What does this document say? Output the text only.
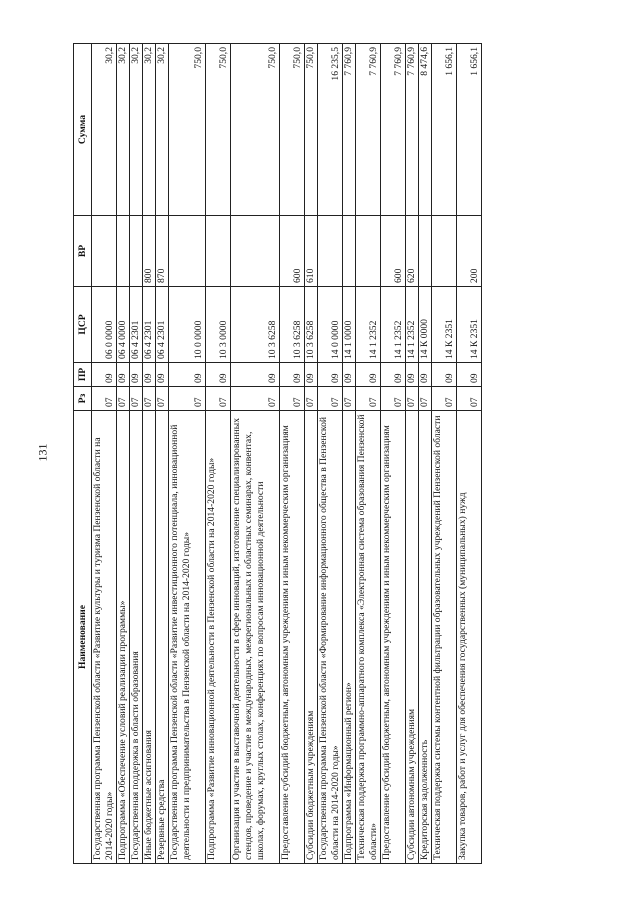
131
Наименование	Рз	ПР	ЦСР	ВР	Сумма
Государственная программа Пензенской области «Развитие культуры и туризма Пензенской области на 2014-2020 годы»	07	09	06 0 0000		30,2
Подпрограмма «Обеспечение условий реализации программы»	07	09	06 4 0000		30,2
Государственная поддержка в области образования	07	09	06 4 2301		30,2
Иные бюджетные ассигнования	07	09	06 4 2301	800	30,2
Резервные средства	07	09	06 4 2301	870	30,2
Государственная программа Пензенской области «Развитие инвестиционного потенциала, инновационной деятельности и предпринимательства в Пензенской области на 2014-2020 годы»	07	09	10 0 0000		750,0
Подпрограмма «Развитие инновационной деятельности в Пензенской области на 2014-2020 годы»	07	09	10 3 0000		750,0
Организация и участие в выставочной деятельности в сфере инноваций, изготовление специализированных стендов, проведение и участие в международных, межрегиональных и областных семинарах, конвентах, школах, форумах, круглых столах, конференциях по вопросам инновационной деятельности	07	09	10 3 6258		750,0
Предоставление субсидий бюджетным, автономным учреждениям и иным некоммерческим организациям	07	09	10 3 6258	600	750,0
Субсидии бюджетным учреждениям	07	09	10 3 6258	610	750,0
Государственная программа Пензенской области «Формирование информационного общества в Пензенской области на 2014-2020 годы»	07	09	14 0 0000		16 235,5
Подпрограмма «Информационный регион»	07	09	14 1 0000		7 760,9
Техническая поддержка программно-аппаратного комплекса «Электронная система образования Пензенской области»	07	09	14 1 2352		7 760,9
Предоставление субсидий бюджетным, автономным учреждениям и иным некоммерческим организациям	07	09	14 1 2352	600	7 760,9
Субсидии автономным учреждениям	07	09	14 1 2352	620	7 760,9
Кредиторская задолженность	07	09	14 К 0000		8 474,6
Техническая поддержка системы контентной фильтрации образовательных учреждений Пензенской области	07	09	14 К 2351		1 656,1
Закупка товаров, работ и услуг для обеспечения государственных (муниципальных) нужд	07	09	14 К 2351	200	1 656,1
